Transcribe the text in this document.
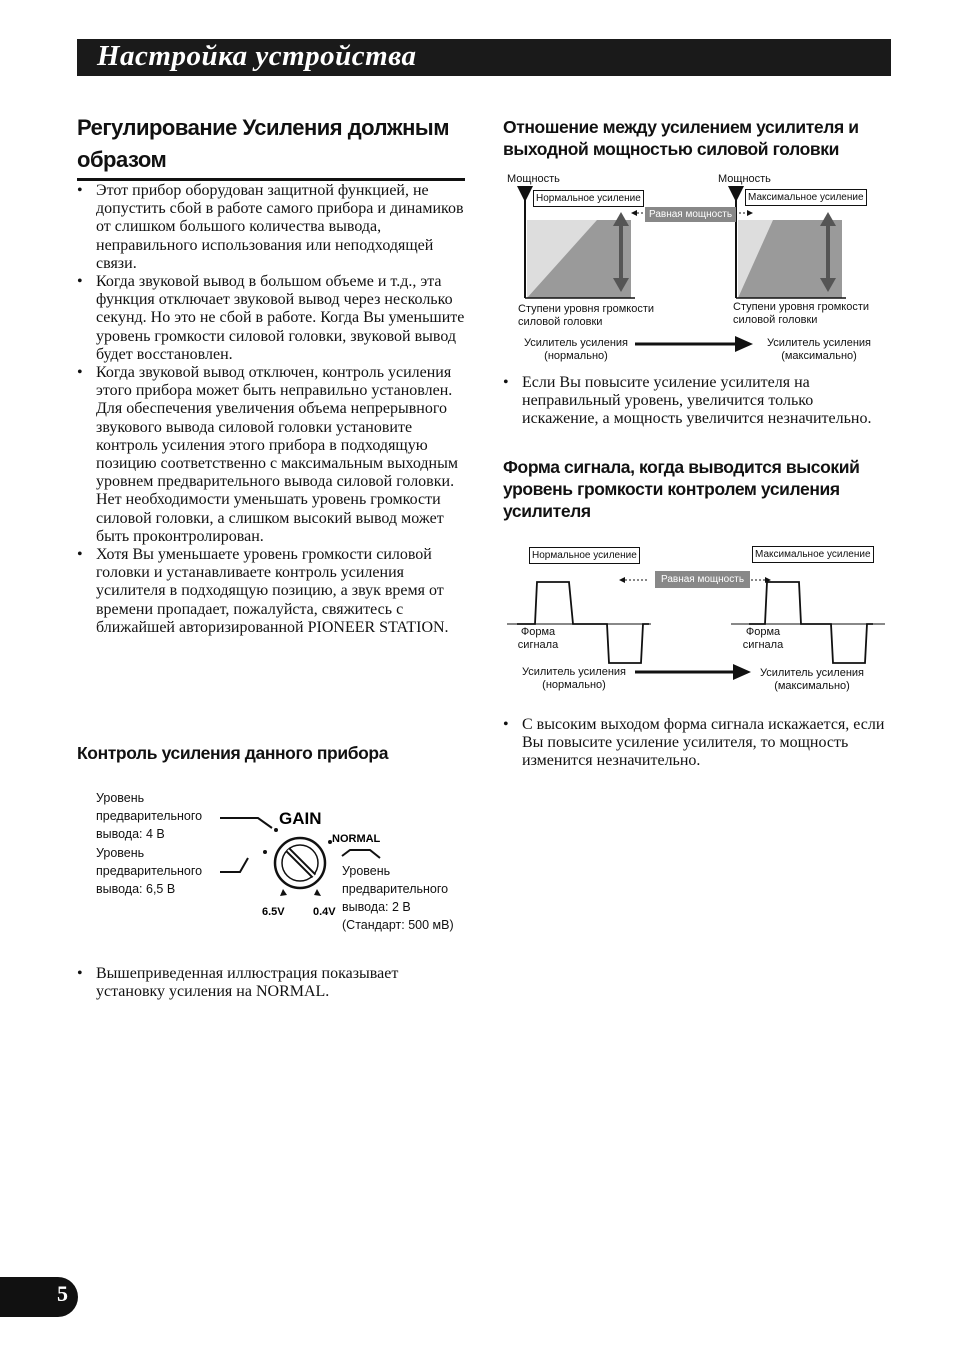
Настройка устройства
Регулирование Усиления должным образом
• Этот прибор оборудован защитной функцией, не допустить сбой в работе самого прибора и динамиков от слишком большого количества вывода, неправильного использования или неподходящей связи.
• Когда звуковой вывод в большом объеме и т.д., эта функция отключает звуковой вывод через несколько секунд. Но это не сбой в работе. Когда Вы уменьшите уровень громкости силовой головки, звуковой вывод будет восстановлен.
• Когда звуковой вывод отключен, контроль усиления этого прибора может быть неправильно установлен. Для обеспечения увеличения объема непрерывного звукового вывода силовой головки установите контроль усиления этого прибора в подходящую позицию соответственно с максимальным выходным уровнем предварительного вывода силовой головки. Нет необходимости уменьшать уровень громкости силовой головки, а слишком высокий вывод может быть проконтролирован.
• Хотя Вы уменьшаете уровень громкости силовой головки и устанавливаете контроль усиления усилителя в подходящую позицию, а звук время от времени пропадает, пожалуйста, свяжитесь с ближайшей авторизированной PIONEER STATION.
Контроль усиления данного прибора
Уровень
предварительного
вывода: 4 В
Уровень
предварительного
вывода: 6,5 В
Уровень
предварительного
вывода: 2 В
(Стандарт: 500 мВ)
GAIN
NORMAL
6.5V	0.4V
• Вышеприведенная иллюстрация показывает установку усиления на NORMAL.
Отношение между усилением усилителя и выходной мощностью силовой головки
Мощность	Мощность
Нормальное усиление	Максимальное усиление
Равная мощность
Ступени уровня громкости
силовой головки
Ступени уровня громкости
силовой головки
Усилитель усиления
(нормально)
Усилитель усиления
(максимально)
• Если Вы повысите усиление усилителя на неправильный уровень, увеличится только искажение, а мощность увеличится незначительно.
Форма сигнала, когда выводится высокий уровень громкости контролем усиления усилителя
Нормальное усиление	Максимальное усиление
Равная мощность
Форма
сигнала
Форма
сигнала
Усилитель усиления
(нормально)
Усилитель усиления
(максимально)
• С высоким выходом форма сигнала искажается, если Вы повысите усиление усилителя, то мощность изменится незначительно.
5
